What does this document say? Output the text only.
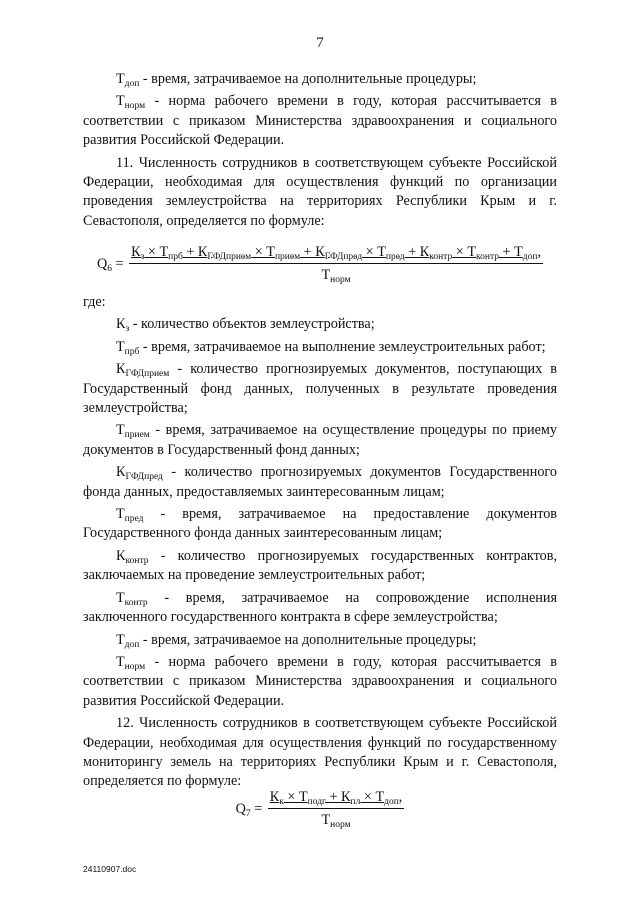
7

$Т_{доп}$ - время, затрачиваемое на дополнительные процедуры;

$Т_{норм}$ - норма рабочего времени в году, которая рассчитывается в соответствии с приказом Министерства здравоохранения и социального развития Российской Федерации.

11. Численность сотрудников в соответствующем субъекте Российской Федерации, необходимая для осуществления функций по организации проведения землеустройства на территориях Республики Крым и г. Севастополя, определяется по формуле:

$Q_6$ =
$К_з \times Т_{прб} + К_{ГФДприем} \times Т_{прием} + К_{ГФДпред} \times Т_{пред} + К_{контр} \times Т_{контр} + Т_{доп}$,
$Т_{норм}$

где:

$К_з$ - количество объектов землеустройства;

$Т_{прб}$ - время, затрачиваемое на выполнение землеустроительных работ;

$К_{ГФДприем}$ - количество прогнозируемых документов, поступающих в Государственный фонд данных, полученных в результате проведения землеустройства;

$Т_{прием}$ - время, затрачиваемое на осуществление процедуры по приему документов в Государственный фонд данных;

$К_{ГФДпред}$ - количество прогнозируемых документов Государственного фонда данных, предоставляемых заинтересованным лицам;

$Т_{пред}$ - время, затрачиваемое на предоставление документов Государственного фонда данных заинтересованным лицам;

$К_{контр}$ - количество прогнозируемых государственных контрактов, заключаемых на проведение землеустроительных работ;

$Т_{контр}$ - время, затрачиваемое на сопровождение исполнения заключенного государственного контракта в сфере землеустройства;

$Т_{доп}$ - время, затрачиваемое на дополнительные процедуры;

$Т_{норм}$ - норма рабочего времени в году, которая рассчитывается в соответствии с приказом Министерства здравоохранения и социального развития Российской Федерации.

12. Численность сотрудников в соответствующем субъекте Российской Федерации, необходимая для осуществления функций по государственному мониторингу земель на территориях Республики Крым и г. Севастополя, определяется по формуле:

$Q_7 = \frac{К_к \times Т_{подг} + К_{пл} \times Т_{доп},}{Т_{норм}}$
24110907.doc
